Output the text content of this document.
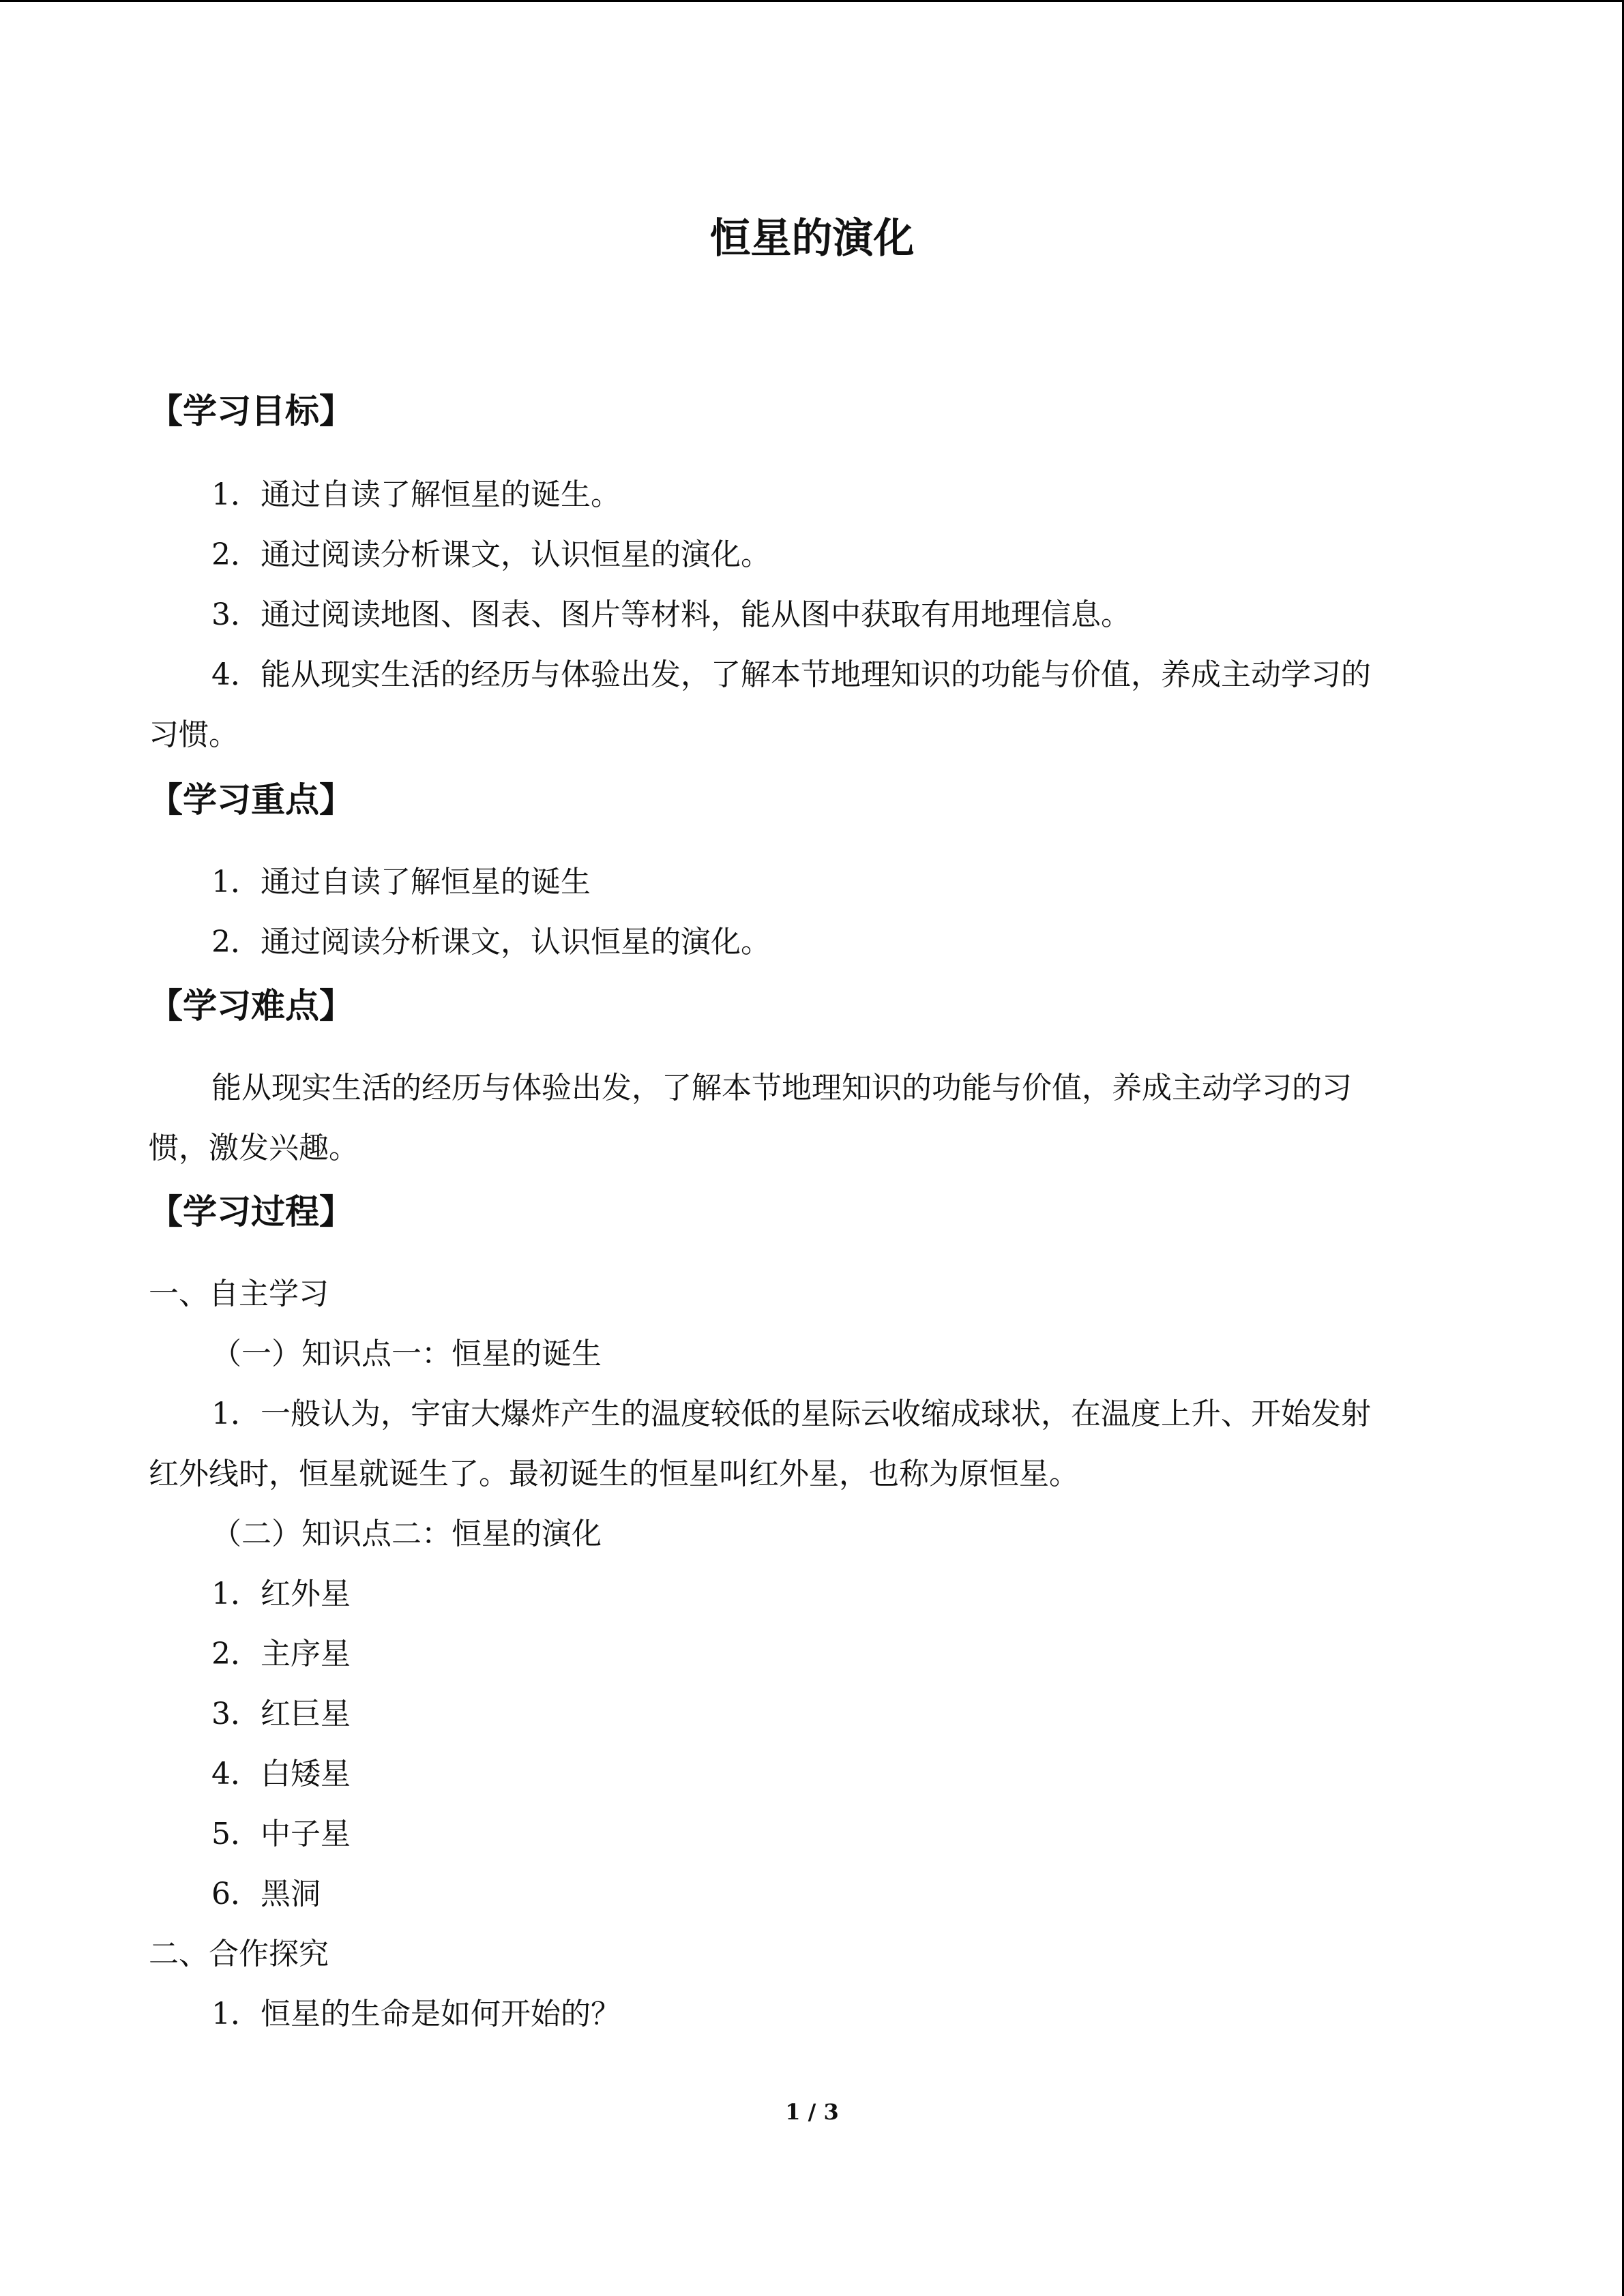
恒星的演化
【学习目标】

1．通过自读了解恒星的诞生。

2．通过阅读分析课文，认识恒星的演化。

3．通过阅读地图、图表、图片等材料，能从图中获取有用地理信息。

4．能从现实生活的经历与体验出发，了解本节地理知识的功能与价值，养成主动学习的

习惯。

【学习重点】

1．通过自读了解恒星的诞生

2．通过阅读分析课文，认识恒星的演化。

【学习难点】

能从现实生活的经历与体验出发，了解本节地理知识的功能与价值，养成主动学习的习

惯，激发兴趣。

【学习过程】

一、自主学习

（一）知识点一：恒星的诞生

1．一般认为，宇宙大爆炸产生的温度较低的星际云收缩成球状，在温度上升、开始发射

红外线时，恒星就诞生了。最初诞生的恒星叫红外星，也称为原恒星。

（二）知识点二：恒星的演化

1．红外星

2．主序星

3．红巨星

4．白矮星

5．中子星

6．黑洞

二、合作探究

1．恒星的生命是如何开始的？

1 / 3
